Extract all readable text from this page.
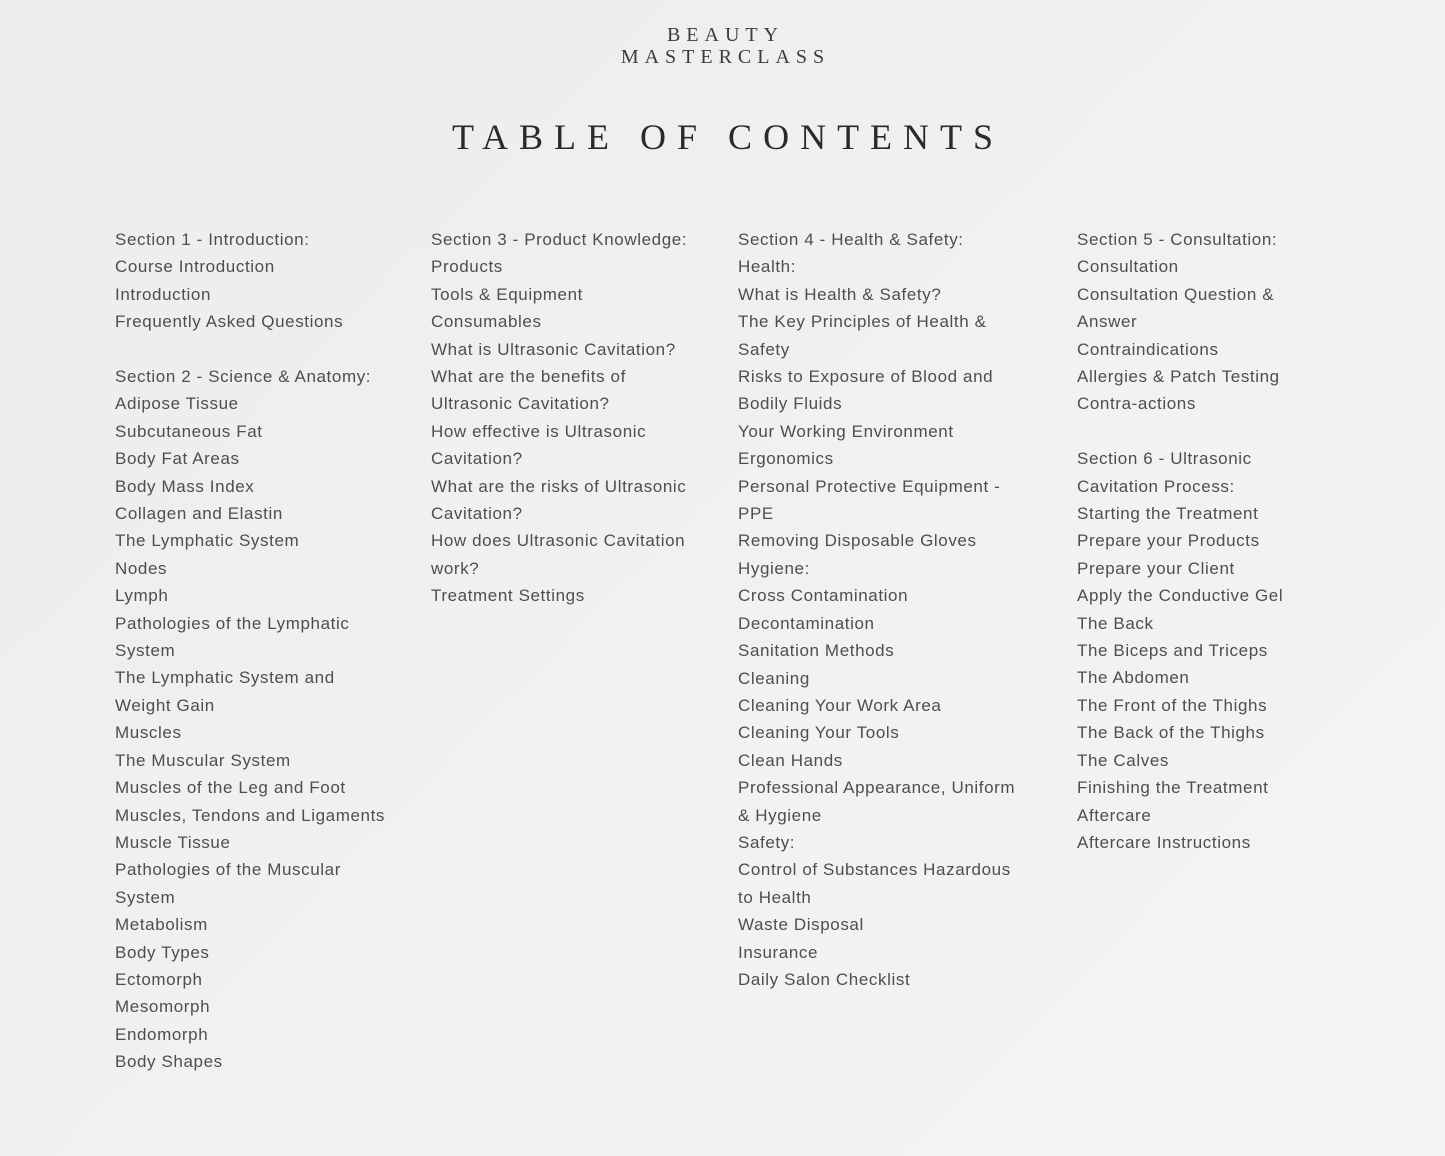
BEAUTY
MASTERCLASS
TABLE OF CONTENTS
Section 1 - Introduction:
Course Introduction
Introduction
Frequently Asked Questions
Section 2 - Science & Anatomy:
Adipose Tissue
Subcutaneous Fat
Body Fat Areas
Body Mass Index
Collagen and Elastin
The Lymphatic System
Nodes
Lymph
Pathologies of the Lymphatic
System
The Lymphatic System and
Weight Gain
Muscles
The Muscular System
Muscles of the Leg and Foot
Muscles, Tendons and Ligaments
Muscle Tissue
Pathologies of the Muscular
System
Metabolism
Body Types
Ectomorph
Mesomorph
Endomorph
Body Shapes
Section 3 - Product Knowledge:
Products
Tools & Equipment
Consumables
What is Ultrasonic Cavitation?
What are the benefits of
Ultrasonic Cavitation?
How effective is Ultrasonic
Cavitation?
What are the risks of Ultrasonic
Cavitation?
How does Ultrasonic Cavitation
work?
Treatment Settings
Section 4 - Health & Safety:
Health:
What is Health & Safety?
The Key Principles of Health &
Safety
Risks to Exposure of Blood and
Bodily Fluids
Your Working Environment
Ergonomics
Personal Protective Equipment -
PPE
Removing Disposable Gloves
Hygiene:
Cross Contamination
Decontamination
Sanitation Methods
Cleaning
Cleaning Your Work Area
Cleaning Your Tools
Clean Hands
Professional Appearance, Uniform
& Hygiene
Safety:
Control of Substances Hazardous
to Health
Waste Disposal
Insurance
Daily Salon Checklist
Section 5 - Consultation:
Consultation
Consultation Question &
Answer
Contraindications
Allergies & Patch Testing
Contra-actions
Section 6 - Ultrasonic
Cavitation Process:
Starting the Treatment
Prepare your Products
Prepare your Client
Apply the Conductive Gel
The Back
The Biceps and Triceps
The Abdomen
The Front of the Thighs
The Back of the Thighs
The Calves
Finishing the Treatment
Aftercare
Aftercare Instructions
